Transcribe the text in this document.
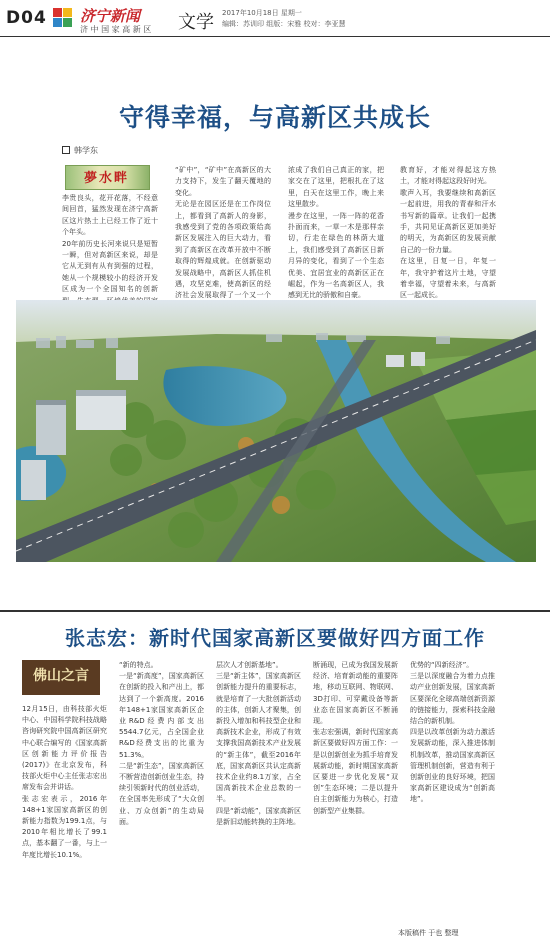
D04 济宁新闻
济 中 国 家 高 新 区 文学 2017年10月18日 星期一
编辑：苏训印 组版：宋雅 校对：李亚慧
守得幸福，与高新区共成长
韩学东
夢水畔
李贵良头，花开花落，不经意间回首，猛然发现在济宁高新区这片热土上已经工作了近十个年头。
20年前历史长河来说只是短暂一瞬，但对高新区来说，却是它从无到有从有到强的过程，她从一个规模较小的经济开发区成为一个全国知名的创新

“矿中”，“矿中”在高新区的大力支持下，发生了翻天覆地的变化。
无论是在园区还是在工作岗位上，都看到了高新人的身影，我感受到了党的各项政策给高新区发展注入的巨大动力，看到了高新区在改革开放中不断取得的辉煌成就。在创新驱动发展战略中，高新区人抓住机遇，攻坚克难，使高新区的经济社会发展取得了一个又一个
浓成了我们自己真正的家，把家交在了这里，把根扎在了这里，白天在这里工作，晚上来这里散步。
漫步在这里，一阵一阵的花香扑面而来，一草一木是那样亲切，行走在绿色的林荫大道上，我们感受到了高新区日新月异的变化，看到了一个生态优美、宜居宜业的高新区正在崛起，作为一名高新区人，我感到无比的骄傲和自豪。
教育好，才能对得起这方热土，才能对得起这段好时光。
歌声入耳，我要继续和高新区一起前进，用我的青春和汗水书写新的篇章。让我们一起携手，共同见证高新区更加美好的明天，为高新区的发展贡献自己的一份力量。
在这里，日复一日，年复一年，我守护着这片土地，守望着幸福，守望着未来，与高新区一起成长。
张志宏：新时代国家高新区要做好四方面工作
佛山之言
12月15日，由科技部火炬中心、中国科学院科技战略咨询研究院中国高新区研究中心联合编写的《国家高新区创新能力评价报告(2017)》在北京发布，科技部火炬中心主任张志宏出席发布会并讲话。
张志宏表示，2016年148+1家国家高新区的创新能力指数为199.1点，与2010年相比增长了99.1点，基本翻了一番，与上一年度比增长10.1%。
“新的特点。
一是“新高度”，国家高新区在创新的投入和产出上，都达到了一个新高度。2016年148+1家国家高新区企业R&D经费内部支出5544.7亿元，占全国企业R&D经费支出的比重为51.3%。
二是“新生态”，国家高新区不断营造创新创业生态，持续引领新时代的创业活动，在全国率先形成了“大众创业、万众创新”的生动局面。
层次人才创新基地”。
三是“新主体”，国家高新区创新能力提升的重要标志，就是培育了一大批创新活动的主体，创新人才聚集，创新投入增加和科技型企业和高新技术企业，形成了有效支撑我国高新技术产业发展的“新主体”，截至2016年底，国家高新区共认定高新技术企业约8.1万家，占全国高新技术企业总数的一半。
四是“新动能”，国家高新区是新旧动能转换的主阵地。
断涌现，已成为我国发展新经济、培育新动能的重要阵地，移动互联网、物联网、3D打印、可穿戴设备等新业态在国家高新区不断涌现。
张志宏强调，新时代国家高新区要做好四方面工作：一是以创新创业为抓手培育发展新动能，新时期国家高新区要进一步优化发展“双创”生态环境；二是以提升自主创新能力为核心，打造创新型产业集群。
优势的“四新经济”。
三是以深度融合为着力点推动产业创新发展，国家高新区要深化全球高端创新资源的链接能力，探索科技金融结合的新机制。
四是以改革创新为动力激活发展新动能，深入推进体制机制改革，推动国家高新区管理机制创新，营造有利于创新创业的良好环境，把国家高新区建设成为“创新高地”。
本版稿件 于也 整理
